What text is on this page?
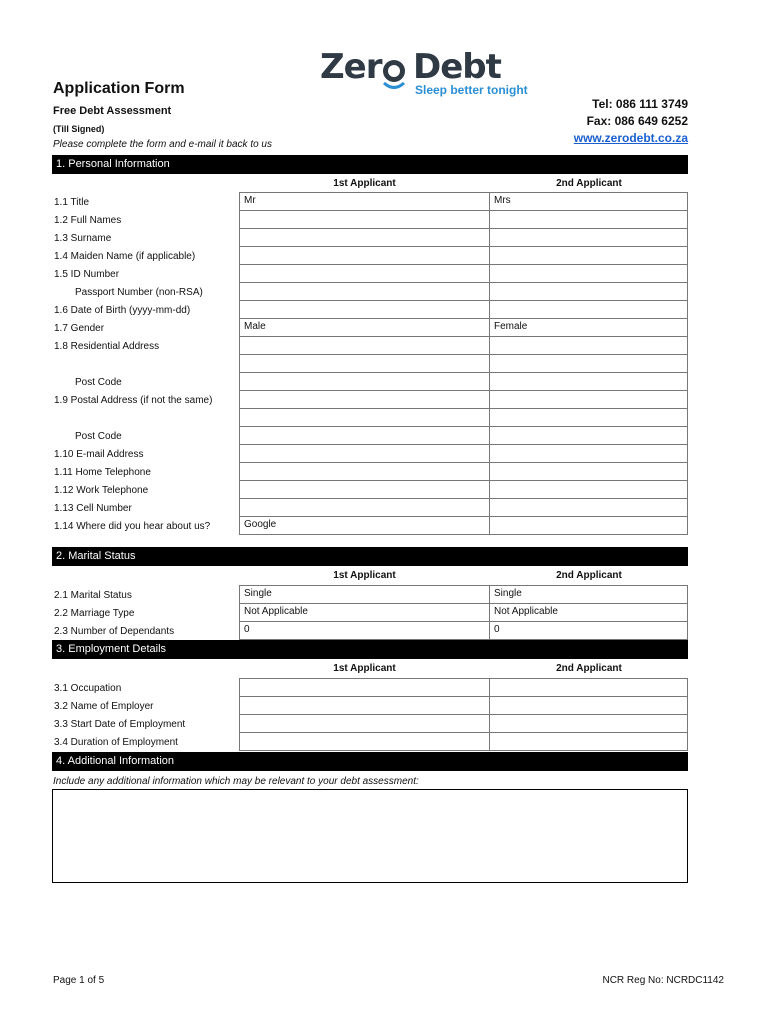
Zer Debt
Sleep better tonight
Application Form
Free Debt Assessment
(Till Signed)
Please complete the form and e-mail it back to us
Tel: 086 111 3749
Fax: 086 649 6252
www.zerodebt.co.za
1. Personal Information
1st Applicant	2nd Applicant
1.1 Title	Mr	Mrs
1.2 Full Names
1.3 Surname
1.4 Maiden Name (if applicable)
1.5 ID Number
Passport Number (non-RSA)
1.6 Date of Birth (yyyy-mm-dd)
1.7 Gender	Male	Female
1.8 Residential Address
Post Code
1.9 Postal Address (if not the same)
Post Code
1.10 E-mail Address
1.11 Home Telephone
1.12 Work Telephone
1.13 Cell Number
1.14 Where did you hear about us?	Google
2. Marital Status
1st Applicant	2nd Applicant
2.1 Marital Status	Single	Single
2.2 Marriage Type	Not Applicable	Not Applicable
2.3 Number of Dependants	0	0
3. Employment Details
1st Applicant	2nd Applicant
3.1 Occupation
3.2 Name of Employer
3.3 Start Date of Employment
3.4 Duration of Employment
4. Additional Information
Include any additional information which may be relevant to your debt assessment:
Page 1 of 5	NCR Reg No: NCRDC1142
